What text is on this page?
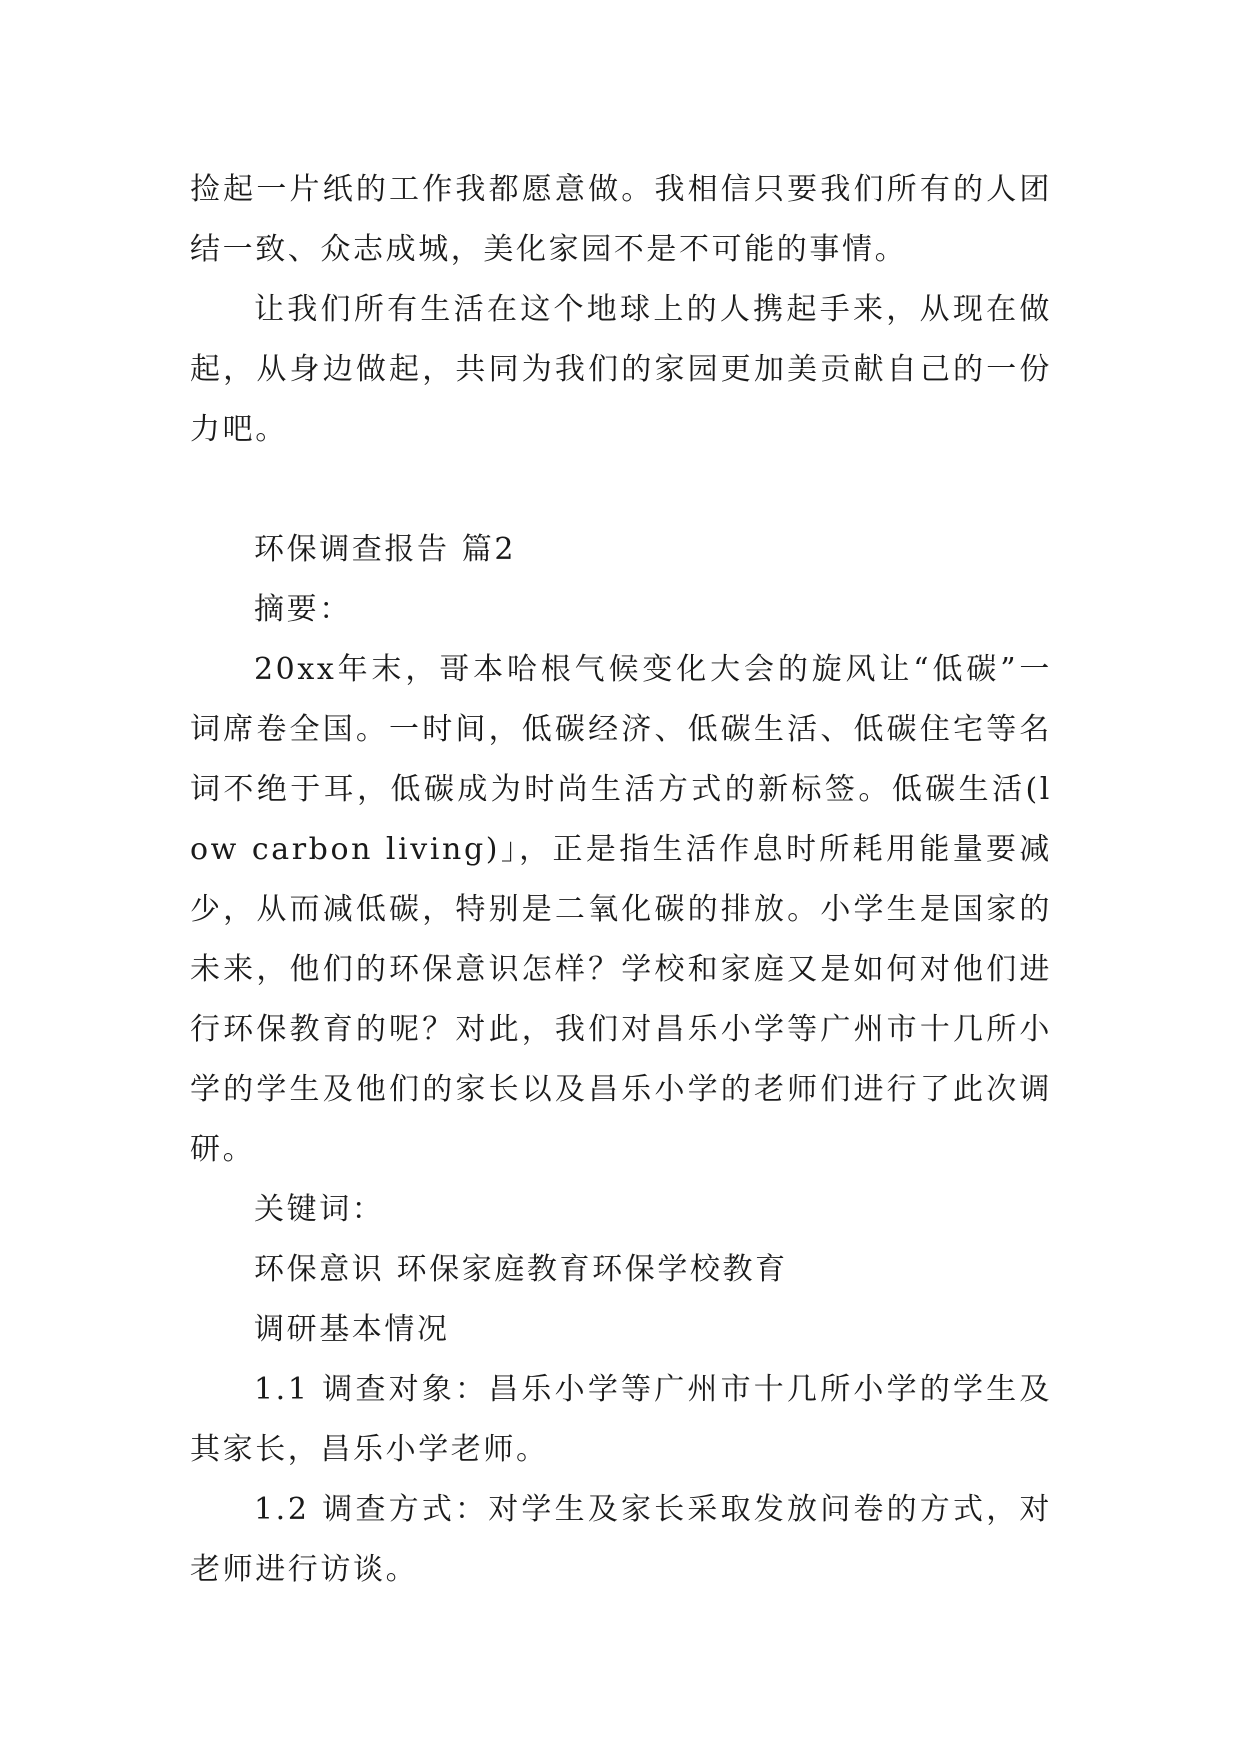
捡起一片纸的工作我都愿意做。我相信只要我们所有的人团结一致、众志成城，美化家园不是不可能的事情。

让我们所有生活在这个地球上的人携起手来，从现在做起，从身边做起，共同为我们的家园更加美贡献自己的一份力吧。

环保调查报告 篇2

摘要：

20xx年末，哥本哈根气候变化大会的旋风让“低碳”一词席卷全国。一时间，低碳经济、低碳生活、低碳住宅等名词不绝于耳，低碳成为时尚生活方式的新标签。低碳生活(low carbon living)」，正是指生活作息时所耗用能量要减少，从而减低碳，特别是二氧化碳的排放。小学生是国家的未来，他们的环保意识怎样？学校和家庭又是如何对他们进行环保教育的呢？对此，我们对昌乐小学等广州市十几所小学的学生及他们的家长以及昌乐小学的老师们进行了此次调研。

关键词：

环保意识 环保家庭教育环保学校教育

调研基本情况

1.1 调查对象：昌乐小学等广州市十几所小学的学生及其家长，昌乐小学老师。

1.2 调查方式：对学生及家长采取发放问卷的方式，对老师进行访谈。
